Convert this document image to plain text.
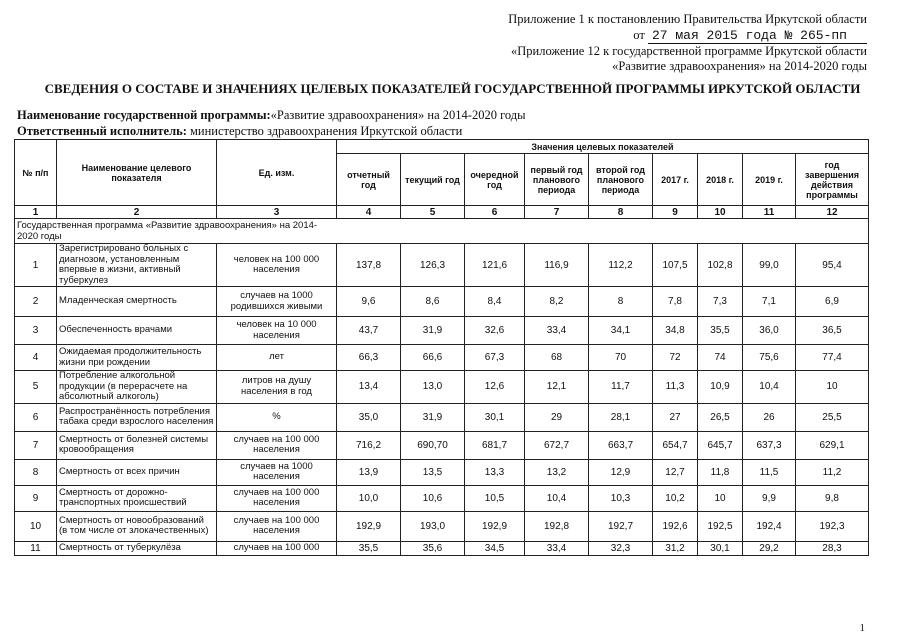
Приложение 1 к постановлению Правительства Иркутской области
от 27 мая 2015 года № 265-пп
«Приложение 12 к государственной программе Иркутской области
«Развитие здравоохранения» на 2014-2020 годы
СВЕДЕНИЯ О СОСТАВЕ И ЗНАЧЕНИЯХ ЦЕЛЕВЫХ ПОКАЗАТЕЛЕЙ ГОСУДАРСТВЕННОЙ ПРОГРАММЫ ИРКУТСКОЙ ОБЛАСТИ
Наименование государственной программы:«Развитие здравоохранения» на 2014-2020 годы
Ответственный исполнитель: министерство здравоохранения Иркутской области
№ п/п	Наименование целевого показателя	Ед. изм.	Значения целевых показателей								
			отчетный год	текущий год	очередной год	первый год планового периода	второй год планового периода	2017 г.	2018 г.	2019 г.	год завершения действия программы
1	2	3	4	5	6	7	8	9	10	11	12

Государственная программа «Развитие здравоохранения» на 2014-2020 годы											

1	Зарегистрировано больных с диагнозом, установленным впервые в жизни, активный туберкулез	человек на 100 000 населения	137,8	126,3	121,6	116,9	112,2	107,5	102,8	99,0	95,4
2	Младенческая смертность	случаев на 1000 родившихся живыми	9,6	8,6	8,4	8,2	8	7,8	7,3	7,1	6,9
3	Обеспеченность врачами	человек на 10 000 населения	43,7	31,9	32,6	33,4	34,1	34,8	35,5	36,0	36,5
4	Ожидаемая продолжительность жизни при рождении	лет	66,3	66,6	67,3	68	70	72	74	75,6	77,4
5	Потребление алкогольной продукции (в перерасчете на абсолютный алкоголь)	литров на душу населения в год	13,4	13,0	12,6	12,1	11,7	11,3	10,9	10,4	10
6	Распространённость потребления табака среди взрослого населения	%	35,0	31,9	30,1	29	28,1	27	26,5	26	25,5
7	Смертность от болезней системы кровообращения	случаев на 100 000 населения	716,2	690,70	681,7	672,7	663,7	654,7	645,7	637,3	629,1
8	Смертность от всех причин	случаев на 1000 населения	13,9	13,5	13,3	13,2	12,9	12,7	11,8	11,5	11,2
9	Смертность от дорожно-транспортных происшествий	случаев на 100 000 населения	10,0	10,6	10,5	10,4	10,3	10,2	10	9,9	9,8
10	Смертность от новообразований (в том числе от злокачественных)	случаев на 100 000 населения	192,9	193,0	192,9	192,8	192,7	192,6	192,5	192,4	192,3
11	Смертность от туберкулёза	случаев на 100 000	35,5	35,6	34,5	33,4	32,3	31,2	30,1	29,2	28,3
1
